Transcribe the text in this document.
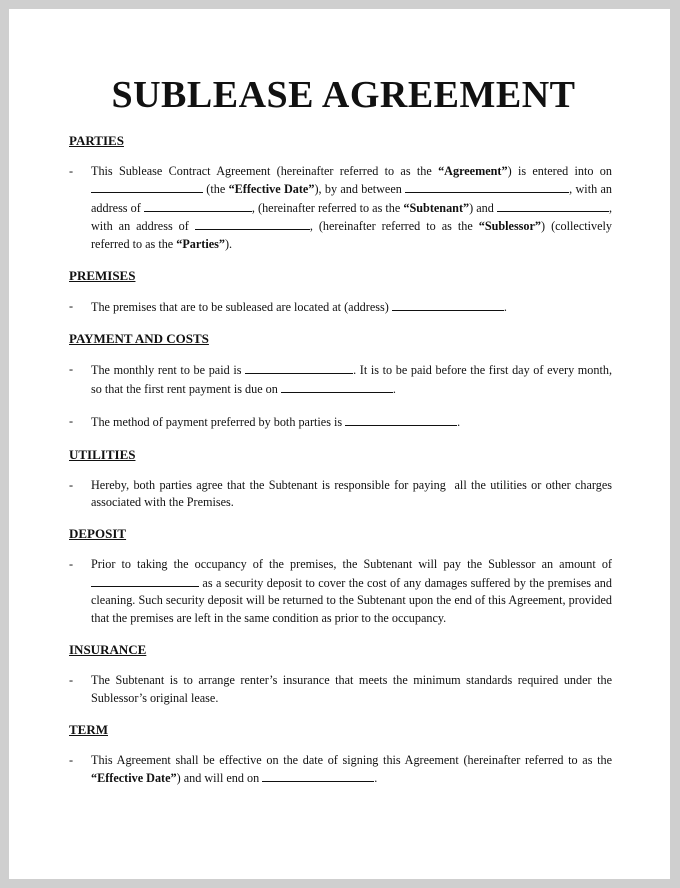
SUBLEASE AGREEMENT
PARTIES
- This Sublease Contract Agreement (hereinafter referred to as the “Agreement”) is entered into on  (the “Effective Date”), by and between	, with an address of	, (hereinafter referred to as the “Subtenant”) and	, with an address of	, (hereinafter referred to as the “Sublessor”) (collectively referred to as the “Parties”).
PREMISES
- The premises that are to be subleased are located at (address)	.
PAYMENT AND COSTS
- The monthly rent to be paid is	. It is to be paid before the first day of every month, so that the first rent payment is due on	.
- The method of payment preferred by both parties is	.
UTILITIES
- Hereby, both parties agree that the Subtenant is responsible for paying  all the utilities or other charges associated with the Premises.
DEPOSIT
- Prior to taking the occupancy of the premises, the Subtenant will pay the Sublessor an amount of  as a security deposit to cover the cost of any damages suffered by the premises and cleaning. Such security deposit will be returned to the Subtenant upon the end of this Agreement, provided that the premises are left in the same condition as prior to the occupancy.
INSURANCE
- The Subtenant is to arrange renter’s insurance that meets the minimum standards required under the Sublessor’s original lease.
TERM
- This Agreement shall be effective on the date of signing this Agreement (hereinafter referred to as the “Effective Date”) and will end on	.
